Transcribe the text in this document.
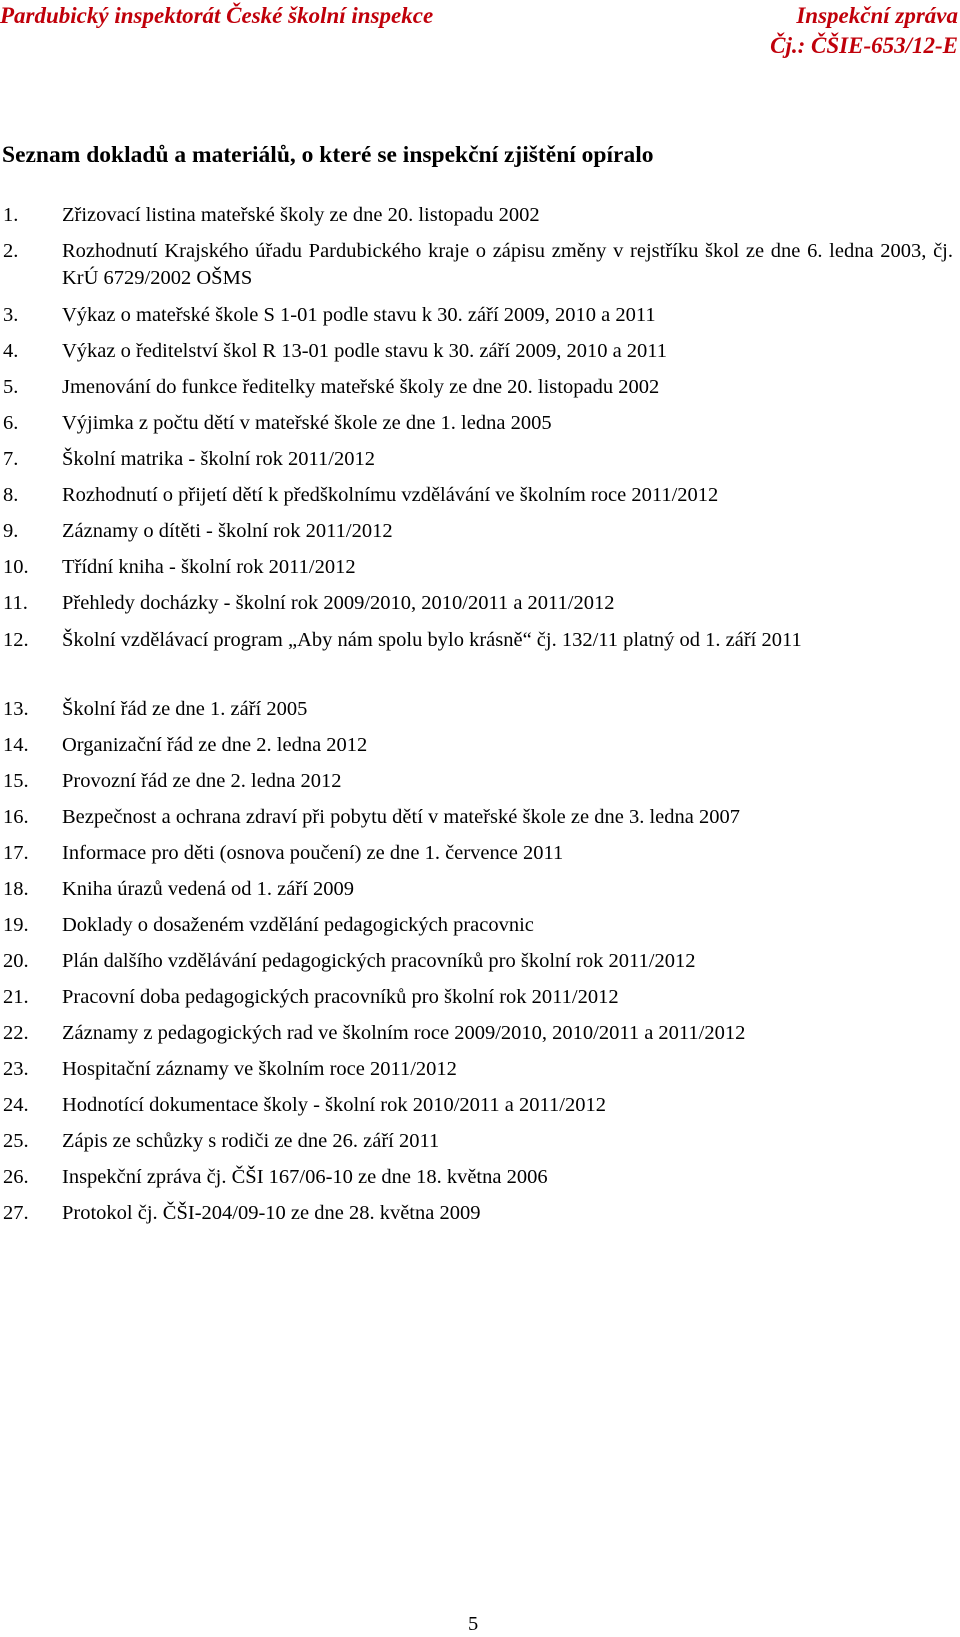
Pardubický inspektorát České školní inspekce	Inspekční zpráva
Čj.: ČŠIE-653/12-E
Seznam dokladů a materiálů, o které se inspekční zjištění opíralo
1. Zřizovací listina mateřské školy ze dne 20. listopadu 2002
2. Rozhodnutí Krajského úřadu Pardubického kraje o zápisu změny v rejstříku škol ze dne 6. ledna 2003, čj. KrÚ 6729/2002 OŠMS
3. Výkaz o mateřské škole S 1-01 podle stavu k 30. září 2009, 2010 a 2011
4. Výkaz o ředitelství škol R 13-01 podle stavu k 30. září 2009, 2010 a 2011
5. Jmenování do funkce ředitelky mateřské školy ze dne 20. listopadu 2002
6. Výjimka z počtu dětí v mateřské škole ze dne 1. ledna 2005
7. Školní matrika - školní rok 2011/2012
8. Rozhodnutí o přijetí dětí k předškolnímu vzdělávání ve školním roce 2011/2012
9. Záznamy o dítěti - školní rok 2011/2012
10. Třídní kniha - školní rok 2011/2012
11. Přehledy docházky - školní rok 2009/2010, 2010/2011 a 2011/2012
12. Školní vzdělávací program „Aby nám spolu bylo krásně“ čj. 132/11 platný od 1. září 2011
13. Školní řád ze dne 1. září 2005
14. Organizační řád ze dne 2. ledna 2012
15. Provozní řád ze dne 2. ledna 2012
16. Bezpečnost a ochrana zdraví při pobytu dětí v mateřské škole ze dne 3. ledna 2007
17. Informace pro děti (osnova poučení) ze dne 1. července 2011
18. Kniha úrazů vedená od 1. září 2009
19. Doklady o dosaženém vzdělání pedagogických pracovnic
20. Plán dalšího vzdělávání pedagogických pracovníků pro školní rok 2011/2012
21. Pracovní doba pedagogických pracovníků pro školní rok 2011/2012
22. Záznamy z pedagogických rad ve školním roce 2009/2010, 2010/2011 a 2011/2012
23. Hospitační záznamy ve školním roce 2011/2012
24. Hodnotící dokumentace školy - školní rok 2010/2011 a 2011/2012
25. Zápis ze schůzky s rodiči ze dne 26. září 2011
26. Inspekční zpráva čj. ČŠI 167/06-10 ze dne 18. května 2006
27. Protokol čj. ČŠI-204/09-10 ze dne 28. května 2009
5
